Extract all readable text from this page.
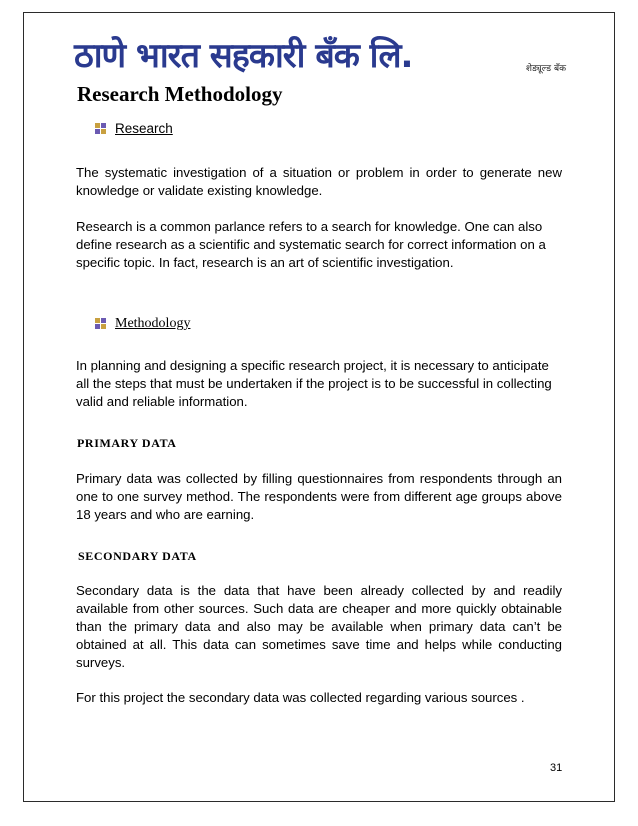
ठाणे भारत सहकारी बँक लि.	शेड्यूल्ड बँक
Research Methodology
Research

The systematic investigation of a situation or problem in order to generate new knowledge or validate existing knowledge.

Research is a common parlance refers to a search for knowledge. One can also define research as a scientific and systematic search for correct information on a specific topic. In fact, research is an art of scientific investigation.

Methodology

In planning and designing a specific research project, it is necessary to anticipate all the steps that must be undertaken if the project is to be successful in collecting valid and reliable information.

PRIMARY DATA

Primary data was collected by filling questionnaires from respondents through an one to one survey method. The respondents were from different age groups above 18 years and who are earning.

SECONDARY DATA

Secondary data is the data that have been already collected by and readily available from other sources. Such data are cheaper and more quickly obtainable than the primary data and also may be available when primary data can’t be obtained at all. This data can sometimes save time and helps while conducting surveys.

For this project the secondary data was collected regarding various sources .

31
